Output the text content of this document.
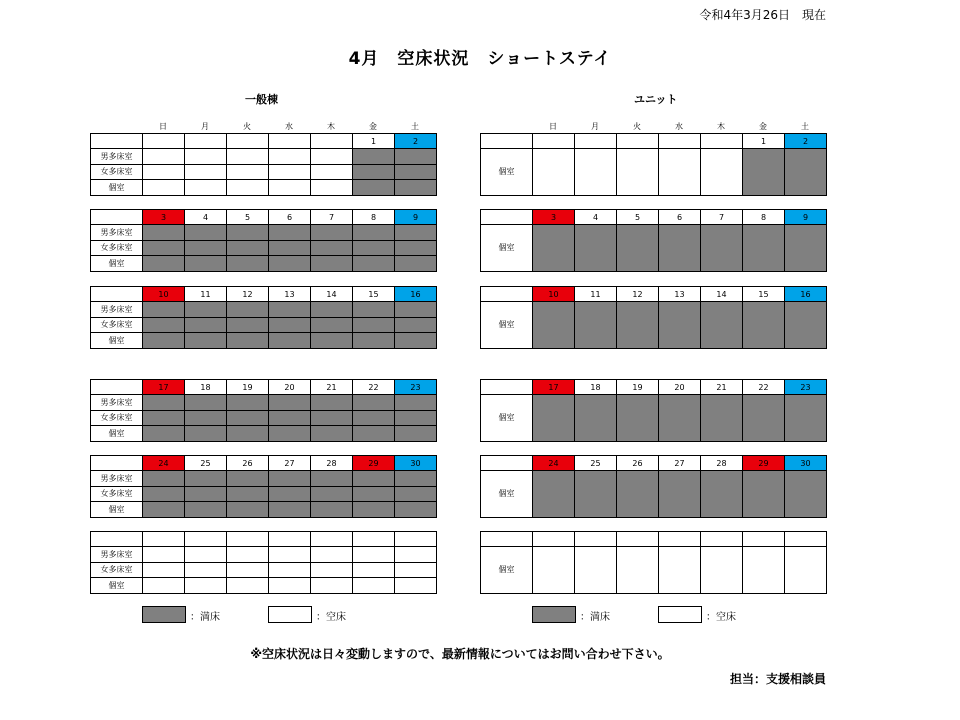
令和4年3月26日　現在
4月　空床状況　ショートステイ
一般棟	ユニット
日	月	火	水	木	金	土	日	月	火	水	木	金	土
						1	2
男多床室							
女多床室							
個室							
	3	4	5	6	7	8	9
男多床室							
女多床室							
個室							
	10	11	12	13	14	15	16
男多床室							
女多床室							
個室							
	17	18	19	20	21	22	23
男多床室							
女多床室							
個室							
	24	25	26	27	28	29	30
男多床室							
女多床室							
個室							

男多床室							
女多床室							
個室							
						1	2
個室							
	3	4	5	6	7	8	9
個室							
	10	11	12	13	14	15	16
個室							
	17	18	19	20	21	22	23
個室							
	24	25	26	27	28	29	30
個室							

個室							
：満床	：空床	：満床	：空床
※空床状況は日々変動しますので、最新情報についてはお問い合わせ下さい。
担当：支援相談員
